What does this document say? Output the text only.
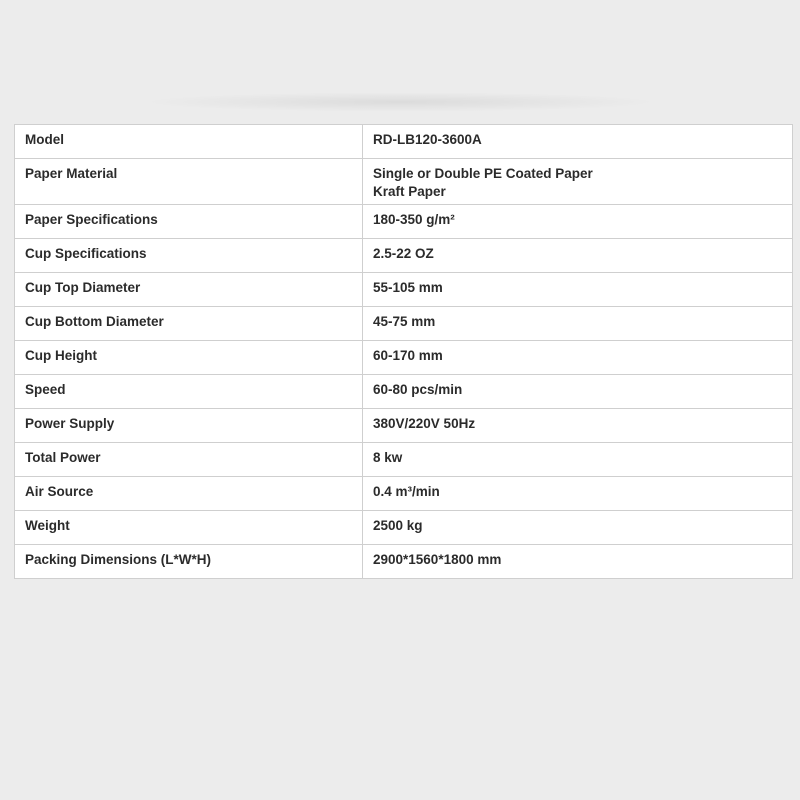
Model	RD-LB120-3600A
Paper Material	Single or Double PE Coated Paper
Kraft Paper

Paper Specifications	180-350 g/m²
Cup Specifications	2.5-22 OZ
Cup Top Diameter	55-105 mm
Cup Bottom Diameter	45-75 mm
Cup Height	60-170 mm
Speed	60-80 pcs/min
Power Supply	380V/220V 50Hz
Total Power	8 kw
Air Source	0.4 m³/min
Weight	2500 kg
Packing Dimensions (L*W*H)	2900*1560*1800 mm
